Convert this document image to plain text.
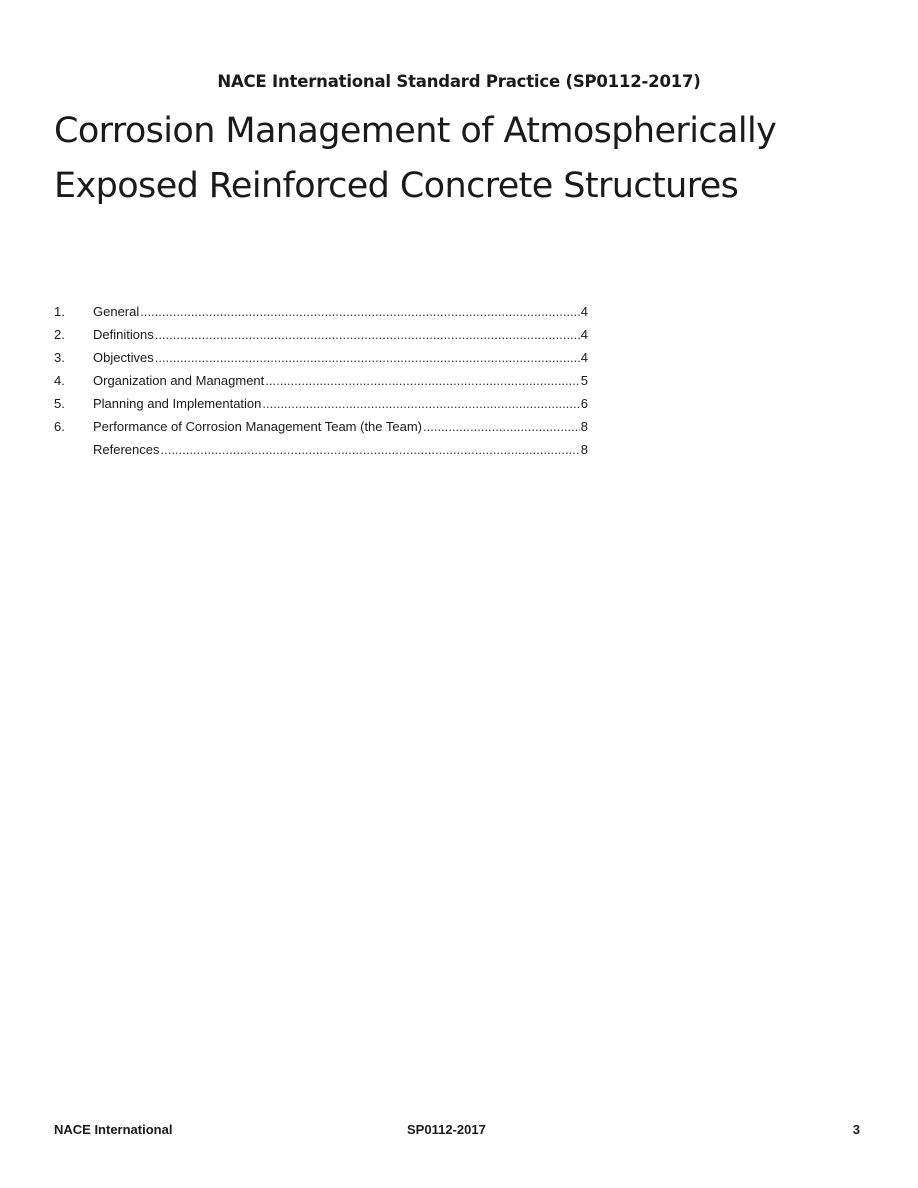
NACE International Standard Practice (SP0112-2017)
Corrosion Management of Atmospherically
Exposed Reinforced Concrete Structures
1.	General .....	4
2.	Definitions .....	4
3.	Objectives .....	4
4.	Organization and Managment .....	5
5.	Planning and Implementation .....	6
6.	Performance of Corrosion Management Team (the Team) .....	8
References .....	8
NACE International	SP0112-2017	3
